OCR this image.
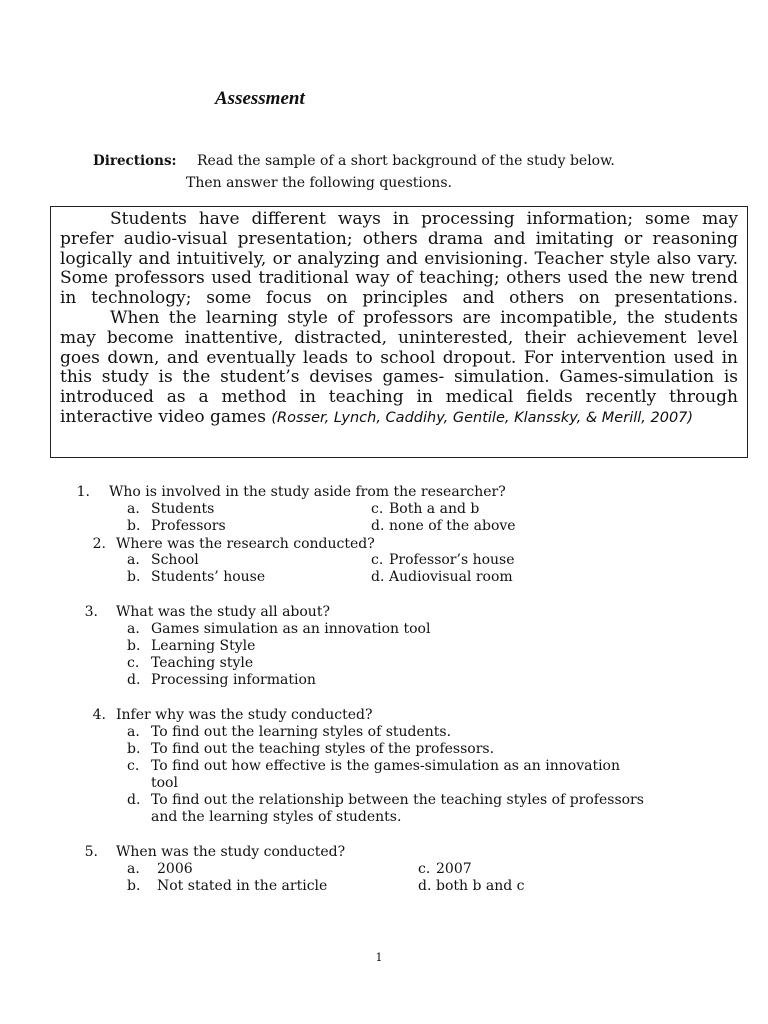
Assessment
Directions: Read the sample of a short background of the study below.
Then answer the following questions.

Students have different ways in processing information; some may prefer audio-visual presentation; others drama and imitating or reasoning logically and intuitively, or analyzing and envisioning. Teacher style also vary. Some professors used traditional way of teaching; others used the new trend in technology; some focus on principles and others on presentations.

When the learning style of professors are incompatible, the students may become inattentive, distracted, uninterested, their achievement level goes down, and eventually leads to school dropout. For intervention used in this study is the student’s devises games- simulation. Games-simulation is introduced as a method in teaching in medical fields recently through interactive video games (Rosser, Lynch, Caddihy, Gentile, Klanssky, & Merill, 2007)

1. Who is involved in the study aside from the researcher?
a. Students
b. Professors
c. Both a and b
d. none of the above
2. Where was the research conducted?
a. School
b. Students’ house
c. Professor’s house
d. Audiovisual room
3. What was the study all about?
a. Games simulation as an innovation tool
b. Learning Style
c. Teaching style
d. Processing information
4. Infer why was the study conducted?
a. To find out the learning styles of students.
b. To find out the teaching styles of the professors.
c. To find out how effective is the games-simulation as an innovation
tool
d. To find out the relationship between the teaching styles of professors
and the learning styles of students.
5. When was the study conducted?
a. 2006
b. Not stated in the article
c. 2007
d. both b and c
1
